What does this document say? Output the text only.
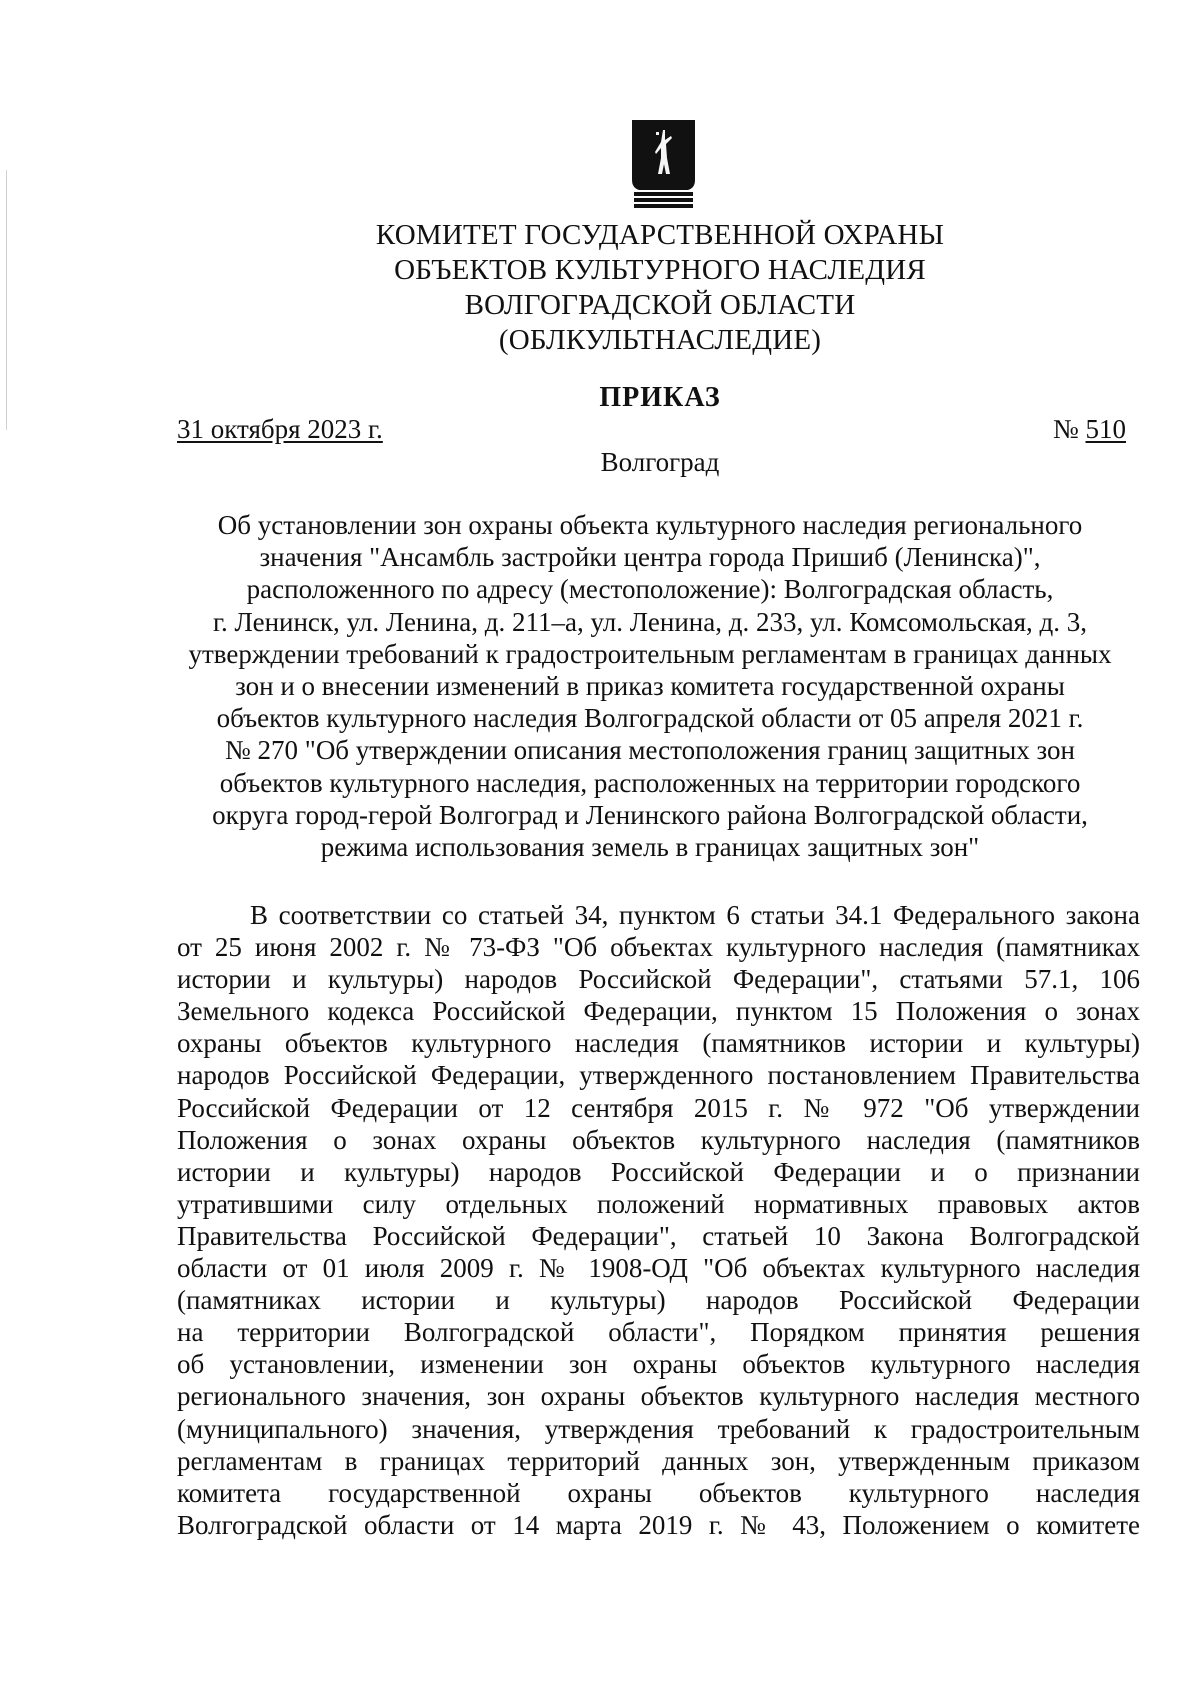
КОМИТЕТ ГОСУДАРСТВЕННОЙ ОХРАНЫ
ОБЪЕКТОВ КУЛЬТУРНОГО НАСЛЕДИЯ
ВОЛГОГРАДСКОЙ ОБЛАСТИ
(ОБЛКУЛЬТНАСЛЕДИЕ)
ПРИКАЗ
31 октября 2023 г.	№ 510
Волгоград
Об установлении зон охраны объекта культурного наследия регионального
значения "Ансамбль застройки центра города Пришиб (Ленинска)",
расположенного по адресу (местоположение): Волгоградская область,
г. Ленинск, ул. Ленина, д. 211–а, ул. Ленина, д. 233, ул. Комсомольская, д. 3,
утверждении требований к градостроительным регламентам в границах данных
зон и о внесении изменений в приказ комитета государственной охраны
объектов культурного наследия Волгоградской области от 05 апреля 2021 г.
№ 270 "Об утверждении описания местоположения границ защитных зон
объектов культурного наследия, расположенных на территории городского
округа город-герой Волгоград и Ленинского района Волгоградской области,
режима использования земель в границах защитных зон"
В соответствии со статьей 34, пунктом 6 статьи 34.1 Федерального закона
от 25 июня 2002 г. № 73-ФЗ "Об объектах культурного наследия (памятниках
истории и культуры) народов Российской Федерации", статьями 57.1, 106
Земельного кодекса Российской Федерации, пунктом 15 Положения о зонах
охраны объектов культурного наследия (памятников истории и культуры)
народов Российской Федерации, утвержденного постановлением Правительства
Российской Федерации от 12 сентября 2015 г. № 972 "Об утверждении
Положения о зонах охраны объектов культурного наследия (памятников
истории и культуры) народов Российской Федерации и о признании
утратившими силу отдельных положений нормативных правовых актов
Правительства Российской Федерации", статьей 10 Закона Волгоградской
области от 01 июля 2009 г. № 1908-ОД "Об объектах культурного наследия
(памятниках истории и культуры) народов Российской Федерации
на территории Волгоградской области", Порядком принятия решения
об установлении, изменении зон охраны объектов культурного наследия
регионального значения, зон охраны объектов культурного наследия местного
(муниципального) значения, утверждения требований к градостроительным
регламентам в границах территорий данных зон, утвержденным приказом
комитета государственной охраны объектов культурного наследия
Волгоградской области от 14 марта 2019 г. № 43, Положением о комитете
